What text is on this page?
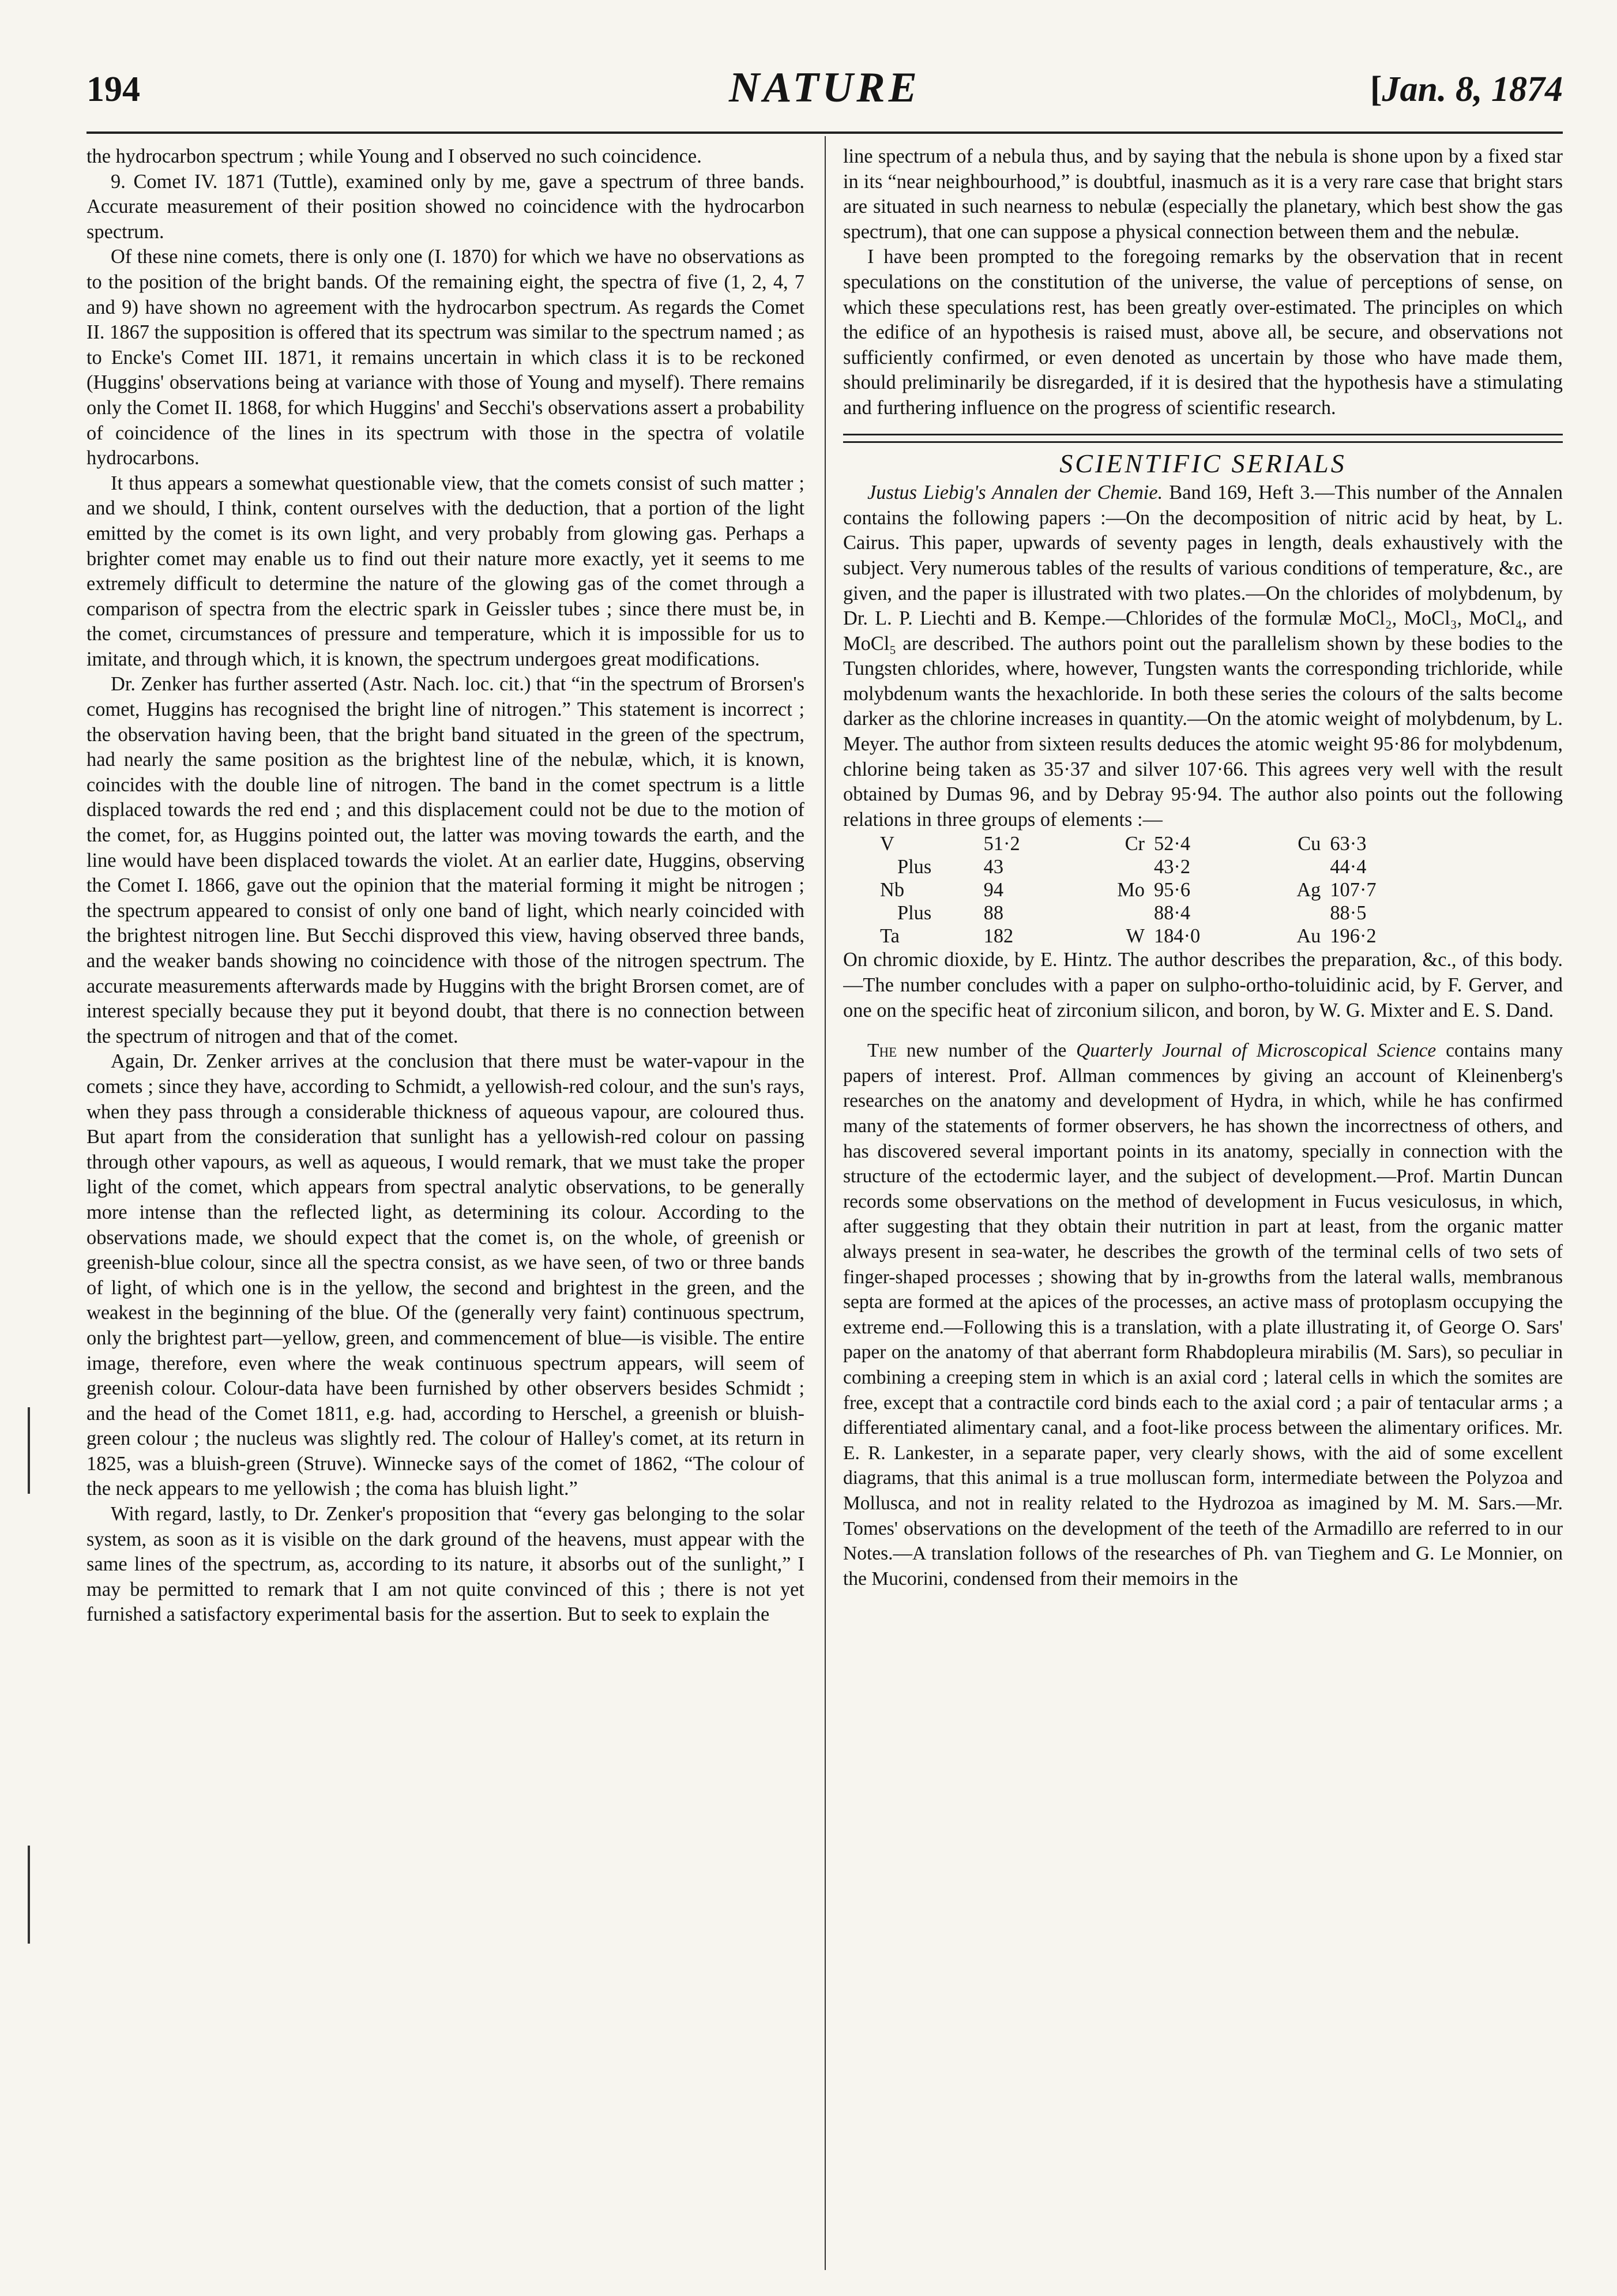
194	NATURE	[Jan. 8, 1874

the hydrocarbon spectrum ; while Young and I observed no such coincidence.

9. Comet IV. 1871 (Tuttle), examined only by me, gave a spectrum of three bands. Accurate measurement of their position showed no coincidence with the hydrocarbon spectrum.

Of these nine comets, there is only one (I. 1870) for which we have no observations as to the position of the bright bands. Of the remaining eight, the spectra of five (1, 2, 4, 7 and 9) have shown no agreement with the hydrocarbon spectrum. As regards the Comet II. 1867 the supposition is offered that its spectrum was similar to the spectrum named ; as to Encke's Comet III. 1871, it remains uncertain in which class it is to be reckoned (Huggins' observations being at variance with those of Young and myself). There remains only the Comet II. 1868, for which Huggins' and Secchi's observations assert a probability of coincidence of the lines in its spectrum with those in the spectra of volatile hydrocarbons.

It thus appears a somewhat questionable view, that the comets consist of such matter ; and we should, I think, content ourselves with the deduction, that a portion of the light emitted by the comet is its own light, and very probably from glowing gas. Perhaps a brighter comet may enable us to find out their nature more exactly, yet it seems to me extremely difficult to determine the nature of the glowing gas of the comet through a comparison of spectra from the electric spark in Geissler tubes ; since there must be, in the comet, circumstances of pressure and temperature, which it is impossible for us to imitate, and through which, it is known, the spectrum undergoes great modifications.

Dr. Zenker has further asserted (Astr. Nach. loc. cit.) that “in the spectrum of Brorsen's comet, Huggins has recognised the bright line of nitrogen.” This statement is incorrect ; the observation having been, that the bright band situated in the green of the spectrum, had nearly the same position as the brightest line of the nebulæ, which, it is known, coincides with the double line of nitrogen. The band in the comet spectrum is a little displaced towards the red end ; and this displacement could not be due to the motion of the comet, for, as Huggins pointed out, the latter was moving towards the earth, and the line would have been displaced towards the violet. At an earlier date, Huggins, observing the Comet I. 1866, gave out the opinion that the material forming it might be nitrogen ; the spectrum appeared to consist of only one band of light, which nearly coincided with the brightest nitrogen line. But Secchi disproved this view, having observed three bands, and the weaker bands showing no coincidence with those of the nitrogen spectrum. The accurate measurements afterwards made by Huggins with the bright Brorsen comet, are of interest specially because they put it beyond doubt, that there is no connection between the spectrum of nitrogen and that of the comet.

Again, Dr. Zenker arrives at the conclusion that there must be water-vapour in the comets ; since they have, according to Schmidt, a yellowish-red colour, and the sun's rays, when they pass through a considerable thickness of aqueous vapour, are coloured thus. But apart from the consideration that sunlight has a yellowish-red colour on passing through other vapours, as well as aqueous, I would remark, that we must take the proper light of the comet, which appears from spectral analytic observations, to be generally more intense than the reflected light, as determining its colour. According to the observations made, we should expect that the comet is, on the whole, of greenish or greenish-blue colour, since all the spectra consist, as we have seen, of two or three bands of light, of which one is in the yellow, the second and brightest in the green, and the weakest in the beginning of the blue. Of the (generally very faint) continuous spectrum, only the brightest part—yellow, green, and commencement of blue—is visible. The entire image, therefore, even where the weak continuous spectrum appears, will seem of greenish colour. Colour-data have been furnished by other observers besides Schmidt ; and the head of the Comet 1811, e.g. had, according to Herschel, a greenish or bluish-green colour ; the nucleus was slightly red. The colour of Halley's comet, at its return in 1825, was a bluish-green (Struve). Winnecke says of the comet of 1862, “The colour of the neck appears to me yellowish ; the coma has bluish light.”

With regard, lastly, to Dr. Zenker's proposition that “every gas belonging to the solar system, as soon as it is visible on the dark ground of the heavens, must appear with the same lines of the spectrum, as, according to its nature, it absorbs out of the sunlight,” I may be permitted to remark that I am not quite convinced of this ; there is not yet furnished a satisfactory experimental basis for the assertion. But to seek to explain the

line spectrum of a nebula thus, and by saying that the nebula is shone upon by a fixed star in its “near neighbourhood,” is doubtful, inasmuch as it is a very rare case that bright stars are situated in such nearness to nebulæ (especially the planetary, which best show the gas spectrum), that one can suppose a physical connection between them and the nebulæ.

I have been prompted to the foregoing remarks by the observation that in recent speculations on the constitution of the universe, the value of perceptions of sense, on which these speculations rest, has been greatly over-estimated. The principles on which the edifice of an hypothesis is raised must, above all, be secure, and observations not sufficiently confirmed, or even denoted as uncertain by those who have made them, should preliminarily be disregarded, if it is desired that the hypothesis have a stimulating and furthering influence on the progress of scientific research.

SCIENTIFIC SERIALS

Justus Liebig's Annalen der Chemie. Band 169, Heft 3.—This number of the Annalen contains the following papers :—On the decomposition of nitric acid by heat, by L. Cairus. This paper, upwards of seventy pages in length, deals exhaustively with the subject. Very numerous tables of the results of various conditions of temperature, &c., are given, and the paper is illustrated with two plates.—On the chlorides of molybdenum, by Dr. L. P. Liechti and B. Kempe.—Chlorides of the formulæ MoCl₂, MoCl₃, MoCl₄, and MoCl₅ are described. The authors point out the parallelism shown by these bodies to the Tungsten chlorides, where, however, Tungsten wants the corresponding trichloride, while molybdenum wants the hexachloride. In both these series the colours of the salts become darker as the chlorine increases in quantity.—On the atomic weight of molybdenum, by L. Meyer. The author from sixteen results deduces the atomic weight 95·86 for molybdenum, chlorine being taken as 35·37 and silver 107·66. This agrees very well with the result obtained by Dumas 96, and by Debray 95·94. The author also points out the following relations in three groups of elements :—

V	51·2	Cr	52·4	Cu	63·3
Plus	43		43·2		44·4
Nb	94	Mo	95·6	Ag	107·7
Plus	88		88·4		88·5
Ta	182	W	184·0	Au	196·2

On chromic dioxide, by E. Hintz. The author describes the preparation, &c., of this body.—The number concludes with a paper on sulpho-ortho-toluidinic acid, by F. Gerver, and one on the specific heat of zirconium silicon, and boron, by W. G. Mixter and E. S. Dand.

The new number of the Quarterly Journal of Microscopical Science contains many papers of interest. Prof. Allman commences by giving an account of Kleinenberg's researches on the anatomy and development of Hydra, in which, while he has confirmed many of the statements of former observers, he has shown the incorrectness of others, and has discovered several important points in its anatomy, specially in connection with the structure of the ectodermic layer, and the subject of development.—Prof. Martin Duncan records some observations on the method of development in Fucus vesiculosus, in which, after suggesting that they obtain their nutrition in part at least, from the organic matter always present in sea-water, he describes the growth of the terminal cells of two sets of finger-shaped processes ; showing that by in-growths from the lateral walls, membranous septa are formed at the apices of the processes, an active mass of protoplasm occupying the extreme end.—Following this is a translation, with a plate illustrating it, of George O. Sars' paper on the anatomy of that aberrant form Rhabdopleura mirabilis (M. Sars), so peculiar in combining a creeping stem in which is an axial cord ; lateral cells in which the somites are free, except that a contractile cord binds each to the axial cord ; a pair of tentacular arms ; a differentiated alimentary canal, and a foot-like process between the alimentary orifices. Mr. E. R. Lankester, in a separate paper, very clearly shows, with the aid of some excellent diagrams, that this animal is a true molluscan form, intermediate between the Polyzoa and Mollusca, and not in reality related to the Hydrozoa as imagined by M. M. Sars.—Mr. Tomes' observations on the development of the teeth of the Armadillo are referred to in our Notes.—A translation follows of the researches of Ph. van Tieghem and G. Le Monnier, on the Mucorini, condensed from their memoirs in the
